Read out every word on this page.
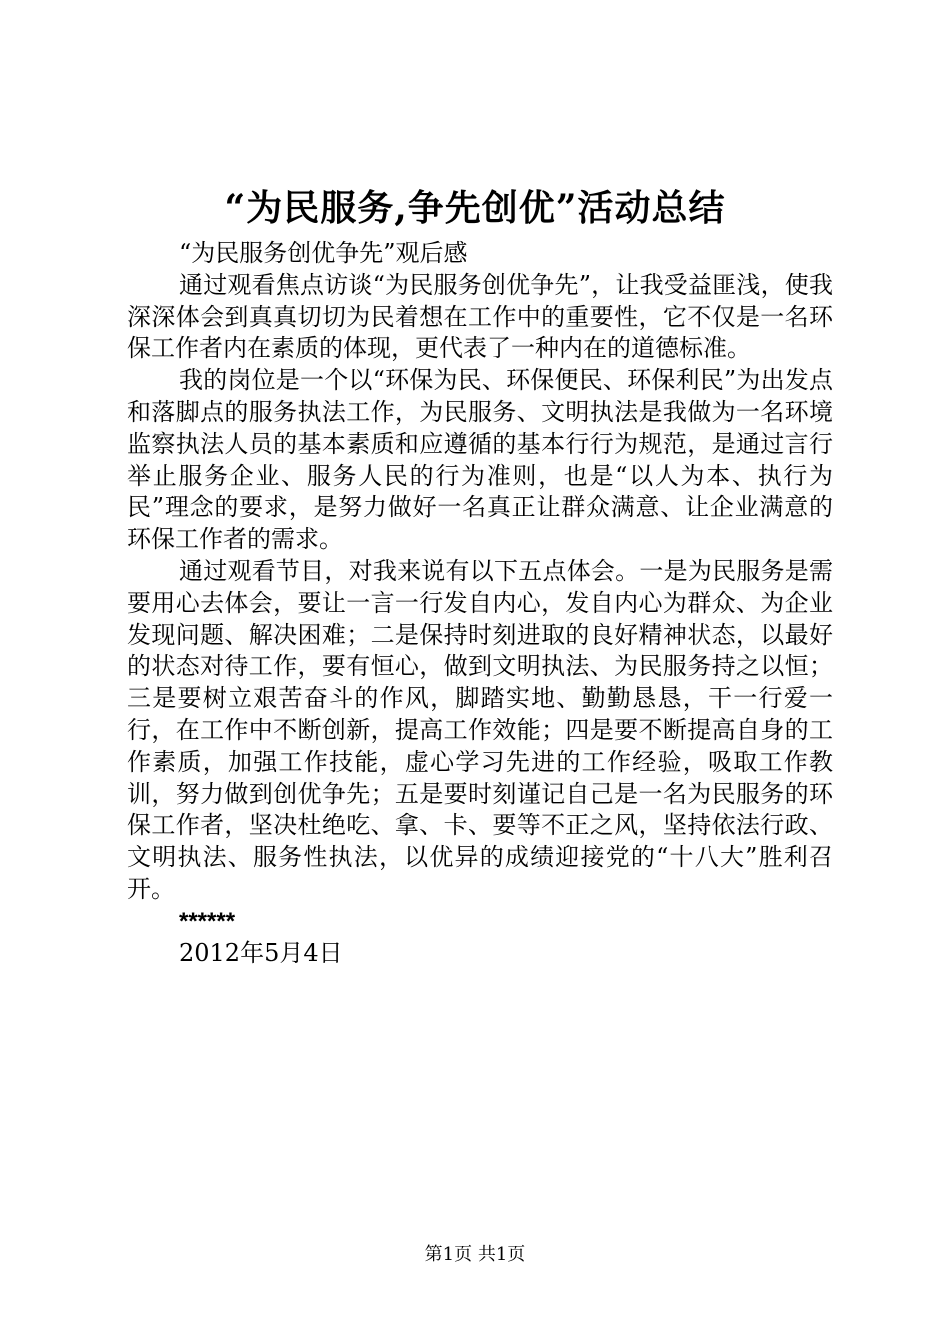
“为民服务,争先创优”活动总结

“为民服务创优争先”观后感

通过观看焦点访谈“为民服务创优争先”，让我受益匪浅，使我深深体会到真真切切为民着想在工作中的重要性，它不仅是一名环保工作者内在素质的体现，更代表了一种内在的道德标准。

我的岗位是一个以“环保为民、环保便民、环保利民”为出发点和落脚点的服务执法工作，为民服务、文明执法是我做为一名环境监察执法人员的基本素质和应遵循的基本行行为规范，是通过言行举止服务企业、服务人民的行为准则，也是“以人为本、执行为民”理念的要求，是努力做好一名真正让群众满意、让企业满意的环保工作者的需求。

通过观看节目，对我来说有以下五点体会。一是为民服务是需要用心去体会，要让一言一行发自内心，发自内心为群众、为企业发现问题、解决困难；二是保持时刻进取的良好精神状态，以最好的状态对待工作，要有恒心，做到文明执法、为民服务持之以恒；三是要树立艰苦奋斗的作风，脚踏实地、勤勤恳恳，干一行爱一行，在工作中不断创新，提高工作效能；四是要不断提高自身的工作素质，加强工作技能，虚心学习先进的工作经验，吸取工作教训，努力做到创优争先；五是要时刻谨记自己是一名为民服务的环保工作者，坚决杜绝吃、拿、卡、要等不正之风，坚持依法行政、文明执法、服务性执法，以优异的成绩迎接党的“十八大”胜利召开。

******

2012年5月4日

第1页 共1页
